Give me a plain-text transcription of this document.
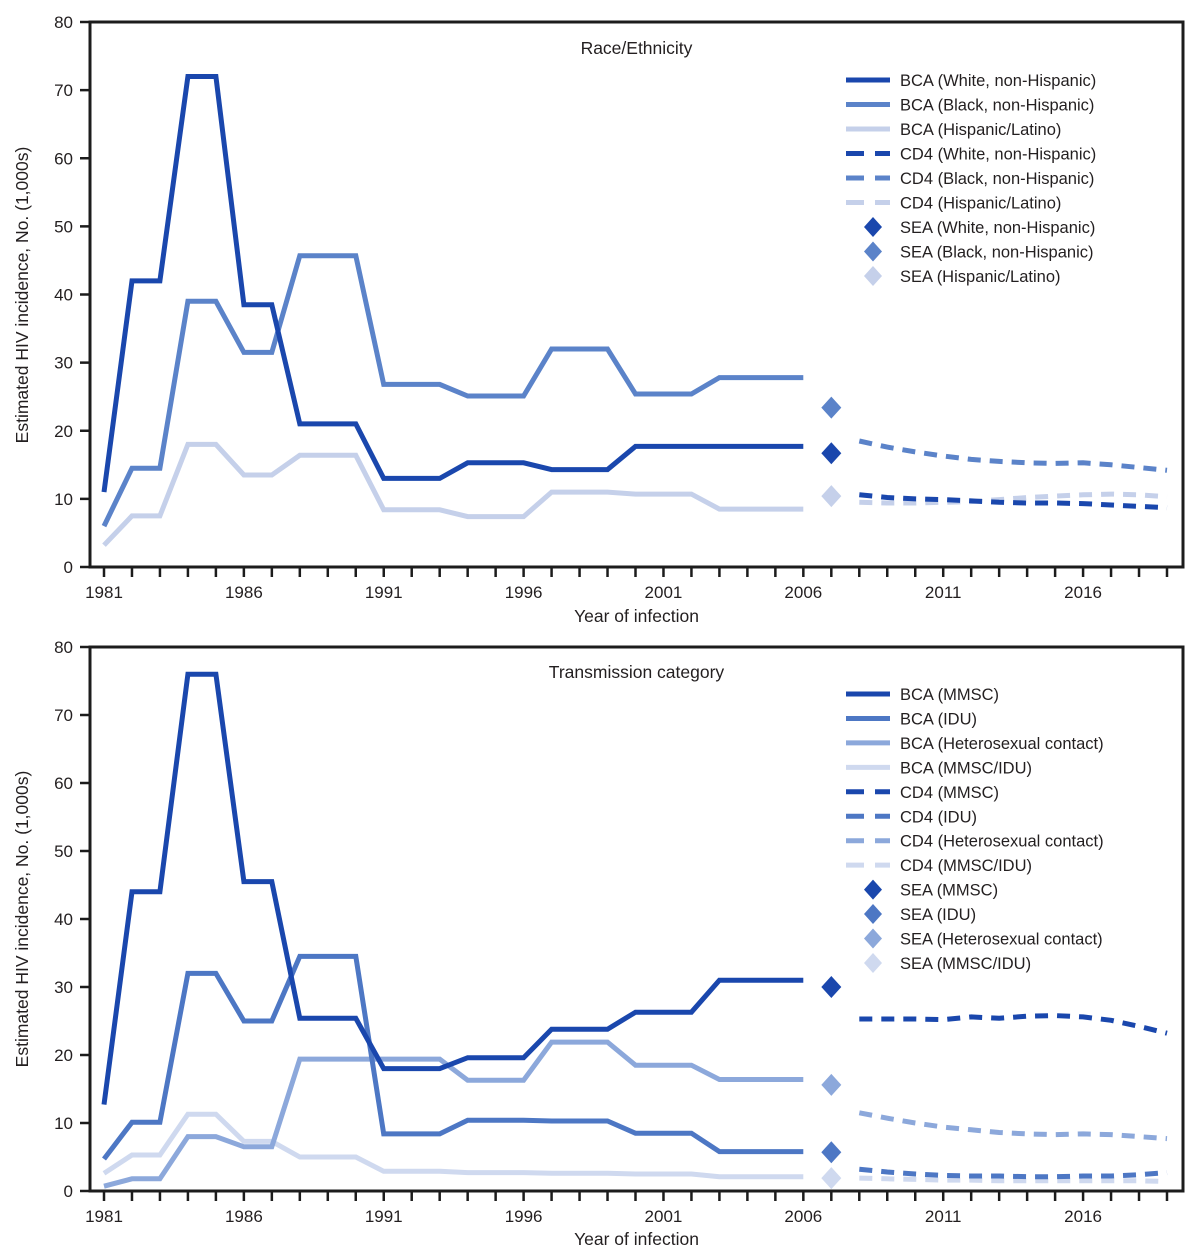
0
10
20
30
40
50
60
70
80
1981	1986	1991	1996	2001	2006	2011	2016
BCA (White, non-Hispanic)
BCA (Black, non-Hispanic)
BCA (Hispanic/Latino)
CD4 (White, non-Hispanic)
CD4 (Black, non-Hispanic)
CD4 (Hispanic/Latino)
SEA (White, non-Hispanic)
SEA (Black, non-Hispanic)
SEA (Hispanic/Latino)
0
10
20
30
40
50
60
70
80
1981	1986	1991	1996	2001	2006	2011	2016
BCA (MMSC)
BCA (IDU)
BCA (Heterosexual contact)
BCA (MMSC/IDU)
CD4 (MMSC)
CD4 (IDU)
CD4 (Heterosexual contact)
CD4 (MMSC/IDU)
SEA (MMSC)
SEA (IDU)
SEA (Heterosexual contact)
SEA (MMSC/IDU)
Race/Ethnicity
Transmission category
Year of infection
Year of infection
Estimated HIV incidence, No. (1,000s)
Estimated HIV incidence, No. (1,000s)
